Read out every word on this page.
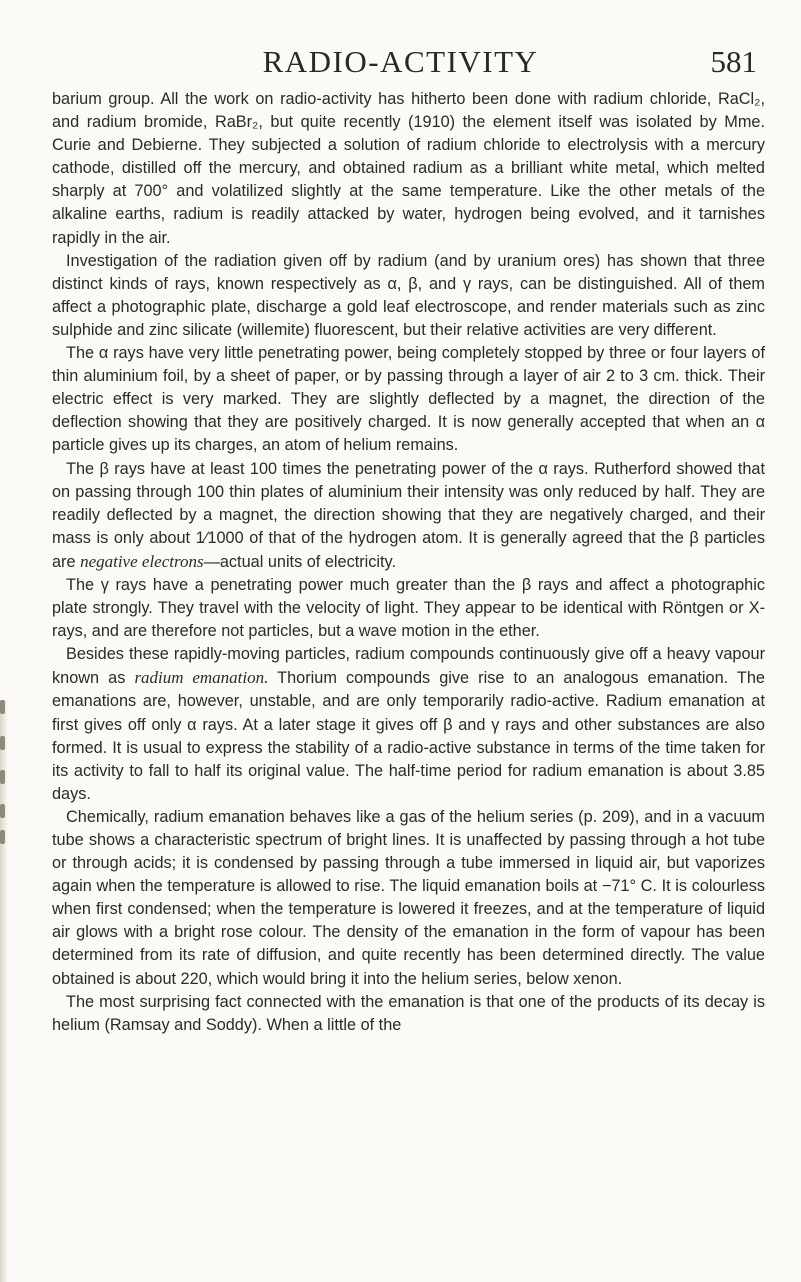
RADIO-ACTIVITY	581

barium group. All the work on radio-activity has hitherto been done with radium chloride, RaCl₂, and radium bromide, RaBr₂, but quite recently (1910) the element itself was isolated by Mme. Curie and Debierne. They subjected a solution of radium chloride to electrolysis with a mercury cathode, distilled off the mercury, and obtained radium as a brilliant white metal, which melted sharply at 700° and volatilized slightly at the same temperature. Like the other metals of the alkaline earths, radium is readily attacked by water, hydrogen being evolved, and it tarnishes rapidly in the air.

Investigation of the radiation given off by radium (and by uranium ores) has shown that three distinct kinds of rays, known respectively as α, β, and γ rays, can be distinguished. All of them affect a photographic plate, discharge a gold leaf electroscope, and render materials such as zinc sulphide and zinc silicate (willemite) fluorescent, but their relative activities are very different.

The α rays have very little penetrating power, being completely stopped by three or four layers of thin aluminium foil, by a sheet of paper, or by passing through a layer of air 2 to 3 cm. thick. Their electric effect is very marked. They are slightly deflected by a magnet, the direction of the deflection showing that they are positively charged. It is now generally accepted that when an α particle gives up its charges, an atom of helium remains.

The β rays have at least 100 times the penetrating power of the α rays. Rutherford showed that on passing through 100 thin plates of aluminium their intensity was only reduced by half. They are readily deflected by a magnet, the direction showing that they are negatively charged, and their mass is only about 1⁄1000 of that of the hydrogen atom. It is generally agreed that the β particles are negative electrons—actual units of electricity.

The γ rays have a penetrating power much greater than the β rays and affect a photographic plate strongly. They travel with the velocity of light. They appear to be identical with Röntgen or X-rays, and are therefore not particles, but a wave motion in the ether.

Besides these rapidly-moving particles, radium compounds continuously give off a heavy vapour known as radium emanation. Thorium compounds give rise to an analogous emanation. The emanations are, however, unstable, and are only temporarily radio-active. Radium emanation at first gives off only α rays. At a later stage it gives off β and γ rays and other substances are also formed. It is usual to express the stability of a radio-active substance in terms of the time taken for its activity to fall to half its original value. The half-time period for radium emanation is about 3.85 days.

Chemically, radium emanation behaves like a gas of the helium series (p. 209), and in a vacuum tube shows a characteristic spectrum of bright lines. It is unaffected by passing through a hot tube or through acids; it is condensed by passing through a tube immersed in liquid air, but vaporizes again when the temperature is allowed to rise. The liquid emanation boils at −71° C. It is colourless when first condensed; when the temperature is lowered it freezes, and at the temperature of liquid air glows with a bright rose colour. The density of the emanation in the form of vapour has been determined from its rate of diffusion, and quite recently has been determined directly. The value obtained is about 220, which would bring it into the helium series, below xenon.

The most surprising fact connected with the emanation is that one of the products of its decay is helium (Ramsay and Soddy). When a little of the
